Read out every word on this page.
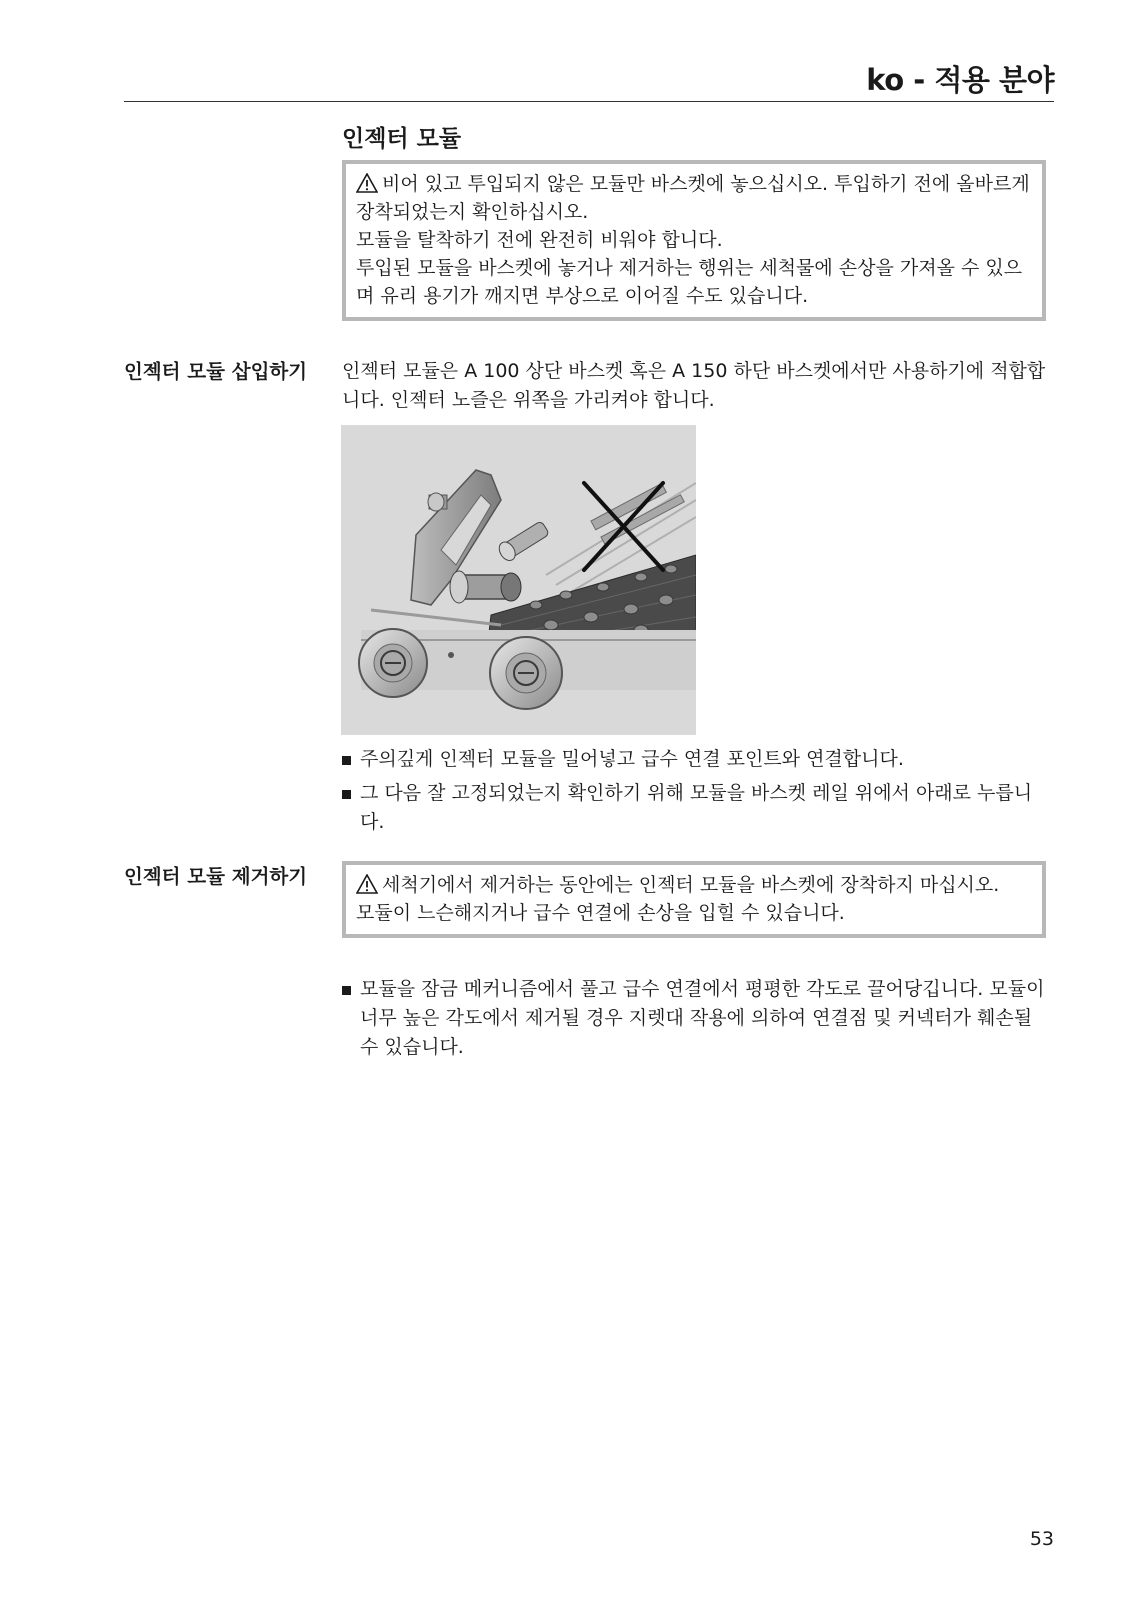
ko - 적용 분야
인젝터 모듈

비어 있고 투입되지 않은 모듈만 바스켓에 놓으십시오. 투입하기 전에 올바르게 장착되었는지 확인하십시오.

모듈을 탈착하기 전에 완전히 비워야 합니다.

투입된 모듈을 바스켓에 놓거나 제거하는 행위는 세척물에 손상을 가져올 수 있으며 유리 용기가 깨지면 부상으로 이어질 수도 있습니다.

인젝터 모듈 삽입하기	인젝터 모듈은 A 100 상단 바스켓 혹은 A 150 하단 바스켓에서만 사용하기에 적합합니다. 인젝터 노즐은 위쪽을 가리켜야 합니다.

주의깊게 인젝터 모듈을 밀어넣고 급수 연결 포인트와 연결합니다.
그 다음 잘 고정되었는지 확인하기 위해 모듈을 바스켓 레일 위에서 아래로 누릅니다.
인젝터 모듈 제거하기	세척기에서 제거하는 동안에는 인젝터 모듈을 바스켓에 장착하지 마십시오.

모듈이 느슨해지거나 급수 연결에 손상을 입힐 수 있습니다.

모듈을 잠금 메커니즘에서 풀고 급수 연결에서 평평한 각도로 끌어당깁니다. 모듈이 너무 높은 각도에서 제거될 경우 지렛대 작용에 의하여 연결점 및 커넥터가 훼손될 수 있습니다.
53
